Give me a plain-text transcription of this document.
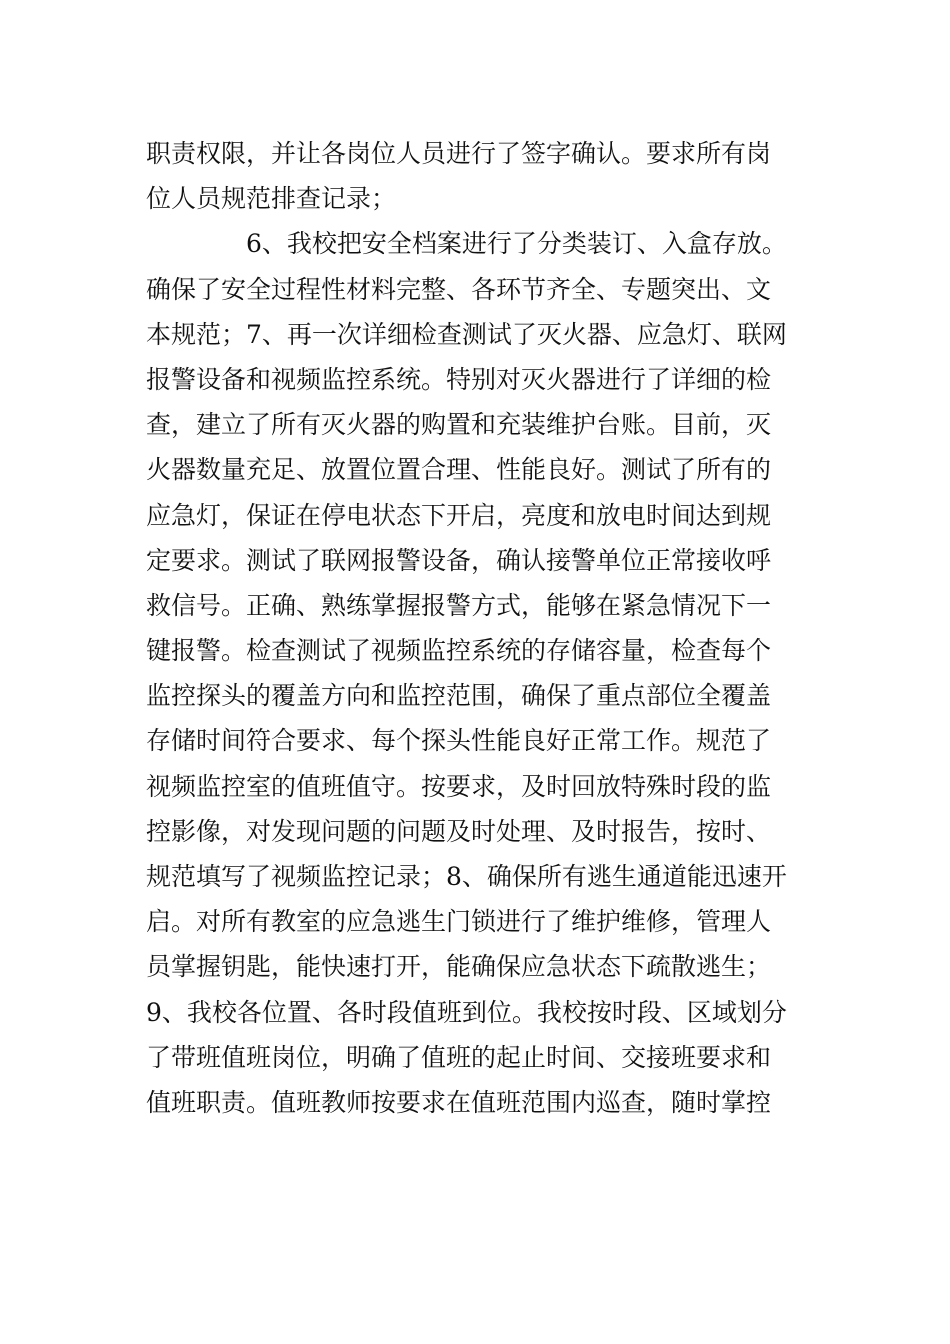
职责权限，并让各岗位人员进行了签字确认。要求所有岗
位人员规范排查记录；
6、我校把安全档案进行了分类装订、入盒存放。
确保了安全过程性材料完整、各环节齐全、专题突出、文
本规范；7、再一次详细检查测试了灭火器、应急灯、联网
报警设备和视频监控系统。特别对灭火器进行了详细的检
查，建立了所有灭火器的购置和充装维护台账。目前，灭
火器数量充足、放置位置合理、性能良好。测试了所有的
应急灯，保证在停电状态下开启，亮度和放电时间达到规
定要求。测试了联网报警设备，确认接警单位正常接收呼
救信号。正确、熟练掌握报警方式，能够在紧急情况下一
键报警。检查测试了视频监控系统的存储容量，检查每个
监控探头的覆盖方向和监控范围，确保了重点部位全覆盖
存储时间符合要求、每个探头性能良好正常工作。规范了
视频监控室的值班值守。按要求，及时回放特殊时段的监
控影像，对发现问题的问题及时处理、及时报告，按时、
规范填写了视频监控记录；8、确保所有逃生通道能迅速开
启。对所有教室的应急逃生门锁进行了维护维修，管理人
员掌握钥匙，能快速打开，能确保应急状态下疏散逃生；
9、我校各位置、各时段值班到位。我校按时段、区域划分
了带班值班岗位，明确了值班的起止时间、交接班要求和
值班职责。值班教师按要求在值班范围内巡查，随时掌控
